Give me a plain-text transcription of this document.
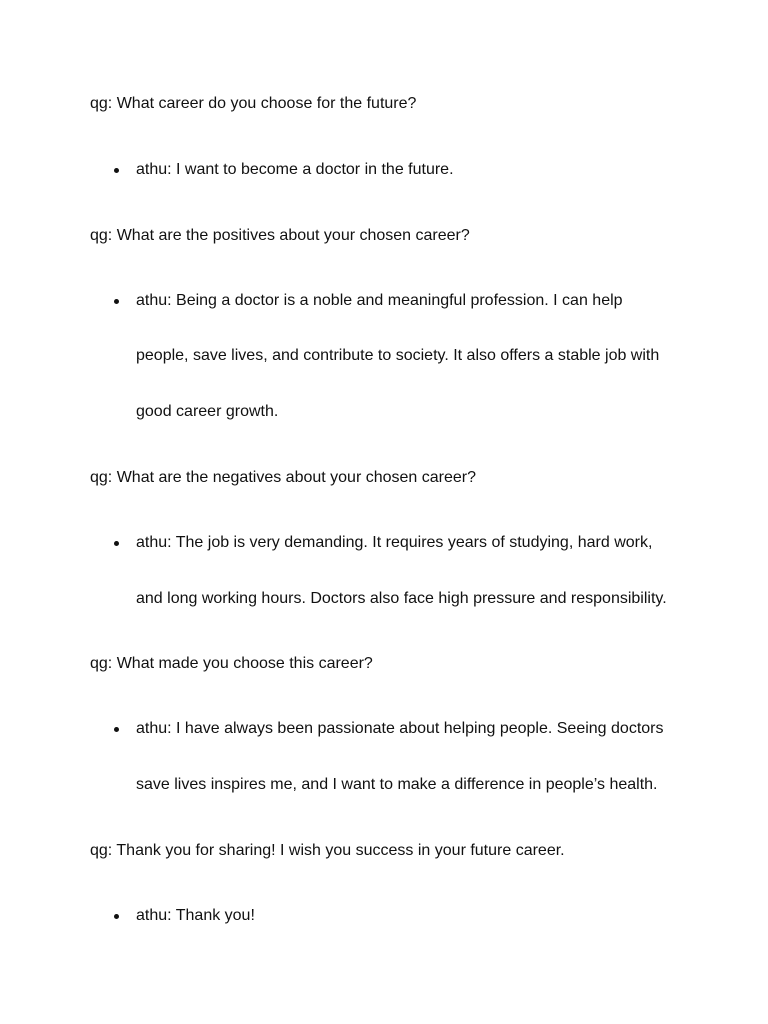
qg: What career do you choose for the future?
athu: I want to become a doctor in the future.
qg: What are the positives about your chosen career?
athu: Being a doctor is a noble and meaningful profession. I can help
people, save lives, and contribute to society. It also offers a stable job with
good career growth.
qg: What are the negatives about your chosen career?
athu: The job is very demanding. It requires years of studying, hard work,
and long working hours. Doctors also face high pressure and responsibility.
qg: What made you choose this career?
athu: I have always been passionate about helping people. Seeing doctors
save lives inspires me, and I want to make a difference in people’s health.
qg: Thank you for sharing! I wish you success in your future career.
athu: Thank you!
